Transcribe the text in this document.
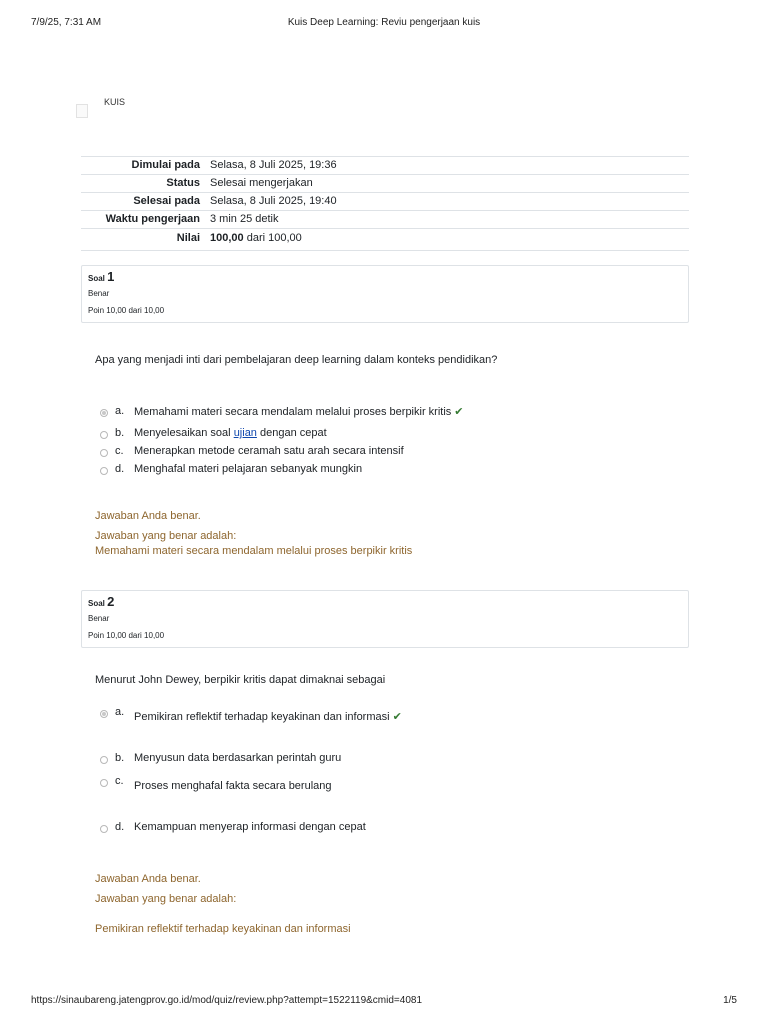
7/9/25, 7:31 AM	Kuis Deep Learning: Reviu pengerjaan kuis
KUIS
Dimulai pada	Selasa, 8 Juli 2025, 19:36
Status	Selesai mengerjakan
Selesai pada	Selasa, 8 Juli 2025, 19:40
Waktu pengerjaan	3 min 25 detik
Nilai	100,00 dari 100,00
Soal 1
Benar
Poin 10,00 dari 10,00
Apa yang menjadi inti dari pembelajaran deep learning dalam konteks pendidikan?
a. Memahami materi secara mendalam melalui proses berpikir kritis ✔
b. Menyelesaikan soal ujian dengan cepat
c. Menerapkan metode ceramah satu arah secara intensif
d. Menghafal materi pelajaran sebanyak mungkin
Jawaban Anda benar.
Jawaban yang benar adalah:
Memahami materi secara mendalam melalui proses berpikir kritis
Soal 2
Benar
Poin 10,00 dari 10,00
Menurut John Dewey, berpikir kritis dapat dimaknai sebagai
a. Pemikiran reflektif terhadap keyakinan dan informasi ✔
b. Menyusun data berdasarkan perintah guru
c. Proses menghafal fakta secara berulang
d. Kemampuan menyerap informasi dengan cepat
Jawaban Anda benar.
Jawaban yang benar adalah:
Pemikiran reflektif terhadap keyakinan dan informasi
https://sinaubareng.jatengprov.go.id/mod/quiz/review.php?attempt=1522119&cmid=4081	1/5
